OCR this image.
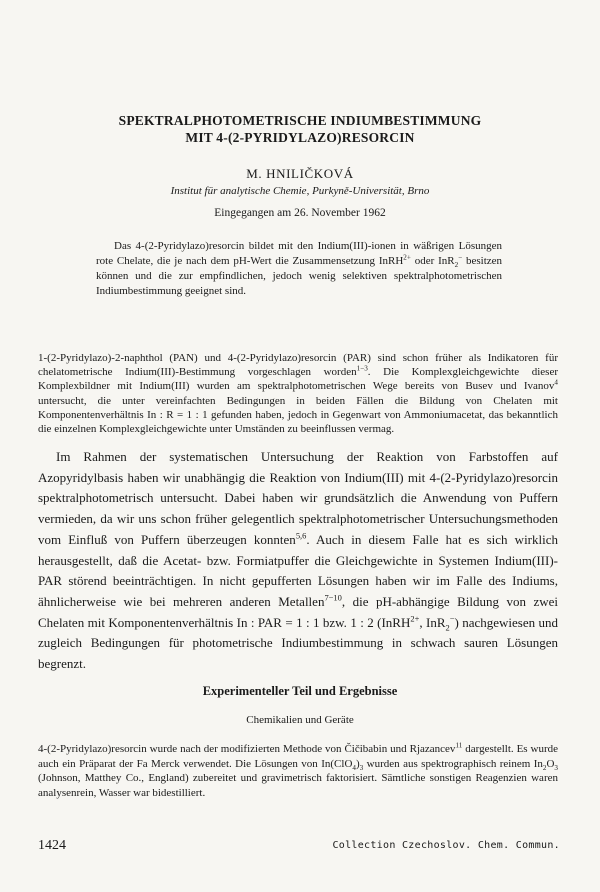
SPEKTRALPHOTOMETRISCHE INDIUMBESTIMMUNG
MIT 4-(2-PYRIDYLAZO)RESORCIN
M. HNILIČKOVÁ
Institut für analytische Chemie, Purkyně-Universität, Brno
Eingegangen am 26. November 1962

Das 4-(2-Pyridylazo)resorcin bildet mit den Indium(III)-ionen in wäßrigen Lösungen rote Chelate, die je nach dem pH-Wert die Zusammensetzung InRH$^{2+}$ oder InR$_2$− besitzen können und die zur empfindlichen, jedoch wenig selektiven spektralphotometrischen Indiumbestimmung geeignet sind.

1-(2-Pyridylazo)-2-naphthol (PAN) und 4-(2-Pyridylazo)resorcin (PAR) sind schon früher als Indikatoren für chelatometrische Indium(III)-Bestimmung vorgeschlagen worden$^{1-3}$. Die Komplexgleichgewichte dieser Komplexbildner mit Indium(III) wurden am spektralphotometrischen Wege bereits von Busev und Ivanov$^4$ untersucht, die unter vereinfachten Bedingungen in beiden Fällen die Bildung von Chelaten mit Komponentenverhältnis In : R = 1 : 1 gefunden haben, jedoch in Gegenwart von Ammoniumacetat, das bekanntlich die einzelnen Komplexgleichgewichte unter Umständen zu beeinflussen vermag.

Im Rahmen der systematischen Untersuchung der Reaktion von Farbstoffen auf Azopyridylbasis haben wir unabhängig die Reaktion von Indium(III) mit 4-(2-Pyridylazo)resorcin spektralphotometrisch untersucht. Dabei haben wir grundsätzlich die Anwendung von Puffern vermieden, da wir uns schon früher gelegentlich spektralphotometrischer Untersuchungsmethoden vom Einfluß von Puffern überzeugen konnten$^{5,6}$. Auch in diesem Falle hat es sich wirklich herausgestellt, daß die Acetat- bzw. Formiatpuffer die Gleichgewichte in Systemen Indium(III)-PAR störend beeinträchtigen. In nicht gepufferten Lösungen haben wir im Falle des Indiums, ähnlicherweise wie bei mehreren anderen Metallen$^{7-10}$, die pH-abhängige Bildung von zwei Chelaten mit Komponentenverhältnis In : PAR = 1 : 1 bzw. 1 : 2 (InRH$^{2+}$, InR$_2$−) nachgewiesen und zugleich Bedingungen für photometrische Indiumbestimmung in schwach sauren Lösungen begrenzt.

Experimenteller Teil und Ergebnisse
Chemikalien und Geräte

4-(2-Pyridylazo)resorcin wurde nach der modifizierten Methode von Čičibabin und Rjazancev$^{11}$ dargestellt. Es wurde auch ein Präparat der Fa Merck verwendet. Die Lösungen von $In(ClO_4)_3$ wurden aus spektrographisch reinem $In_2O_3$ (Johnson, Matthey Co., England) zubereitet und gravimetrisch faktorisiert. Sämtliche sonstigen Reagenzien waren analysenrein, Wasser war bidestilliert.

1424	Collection Czechoslov. Chem. Commun.
